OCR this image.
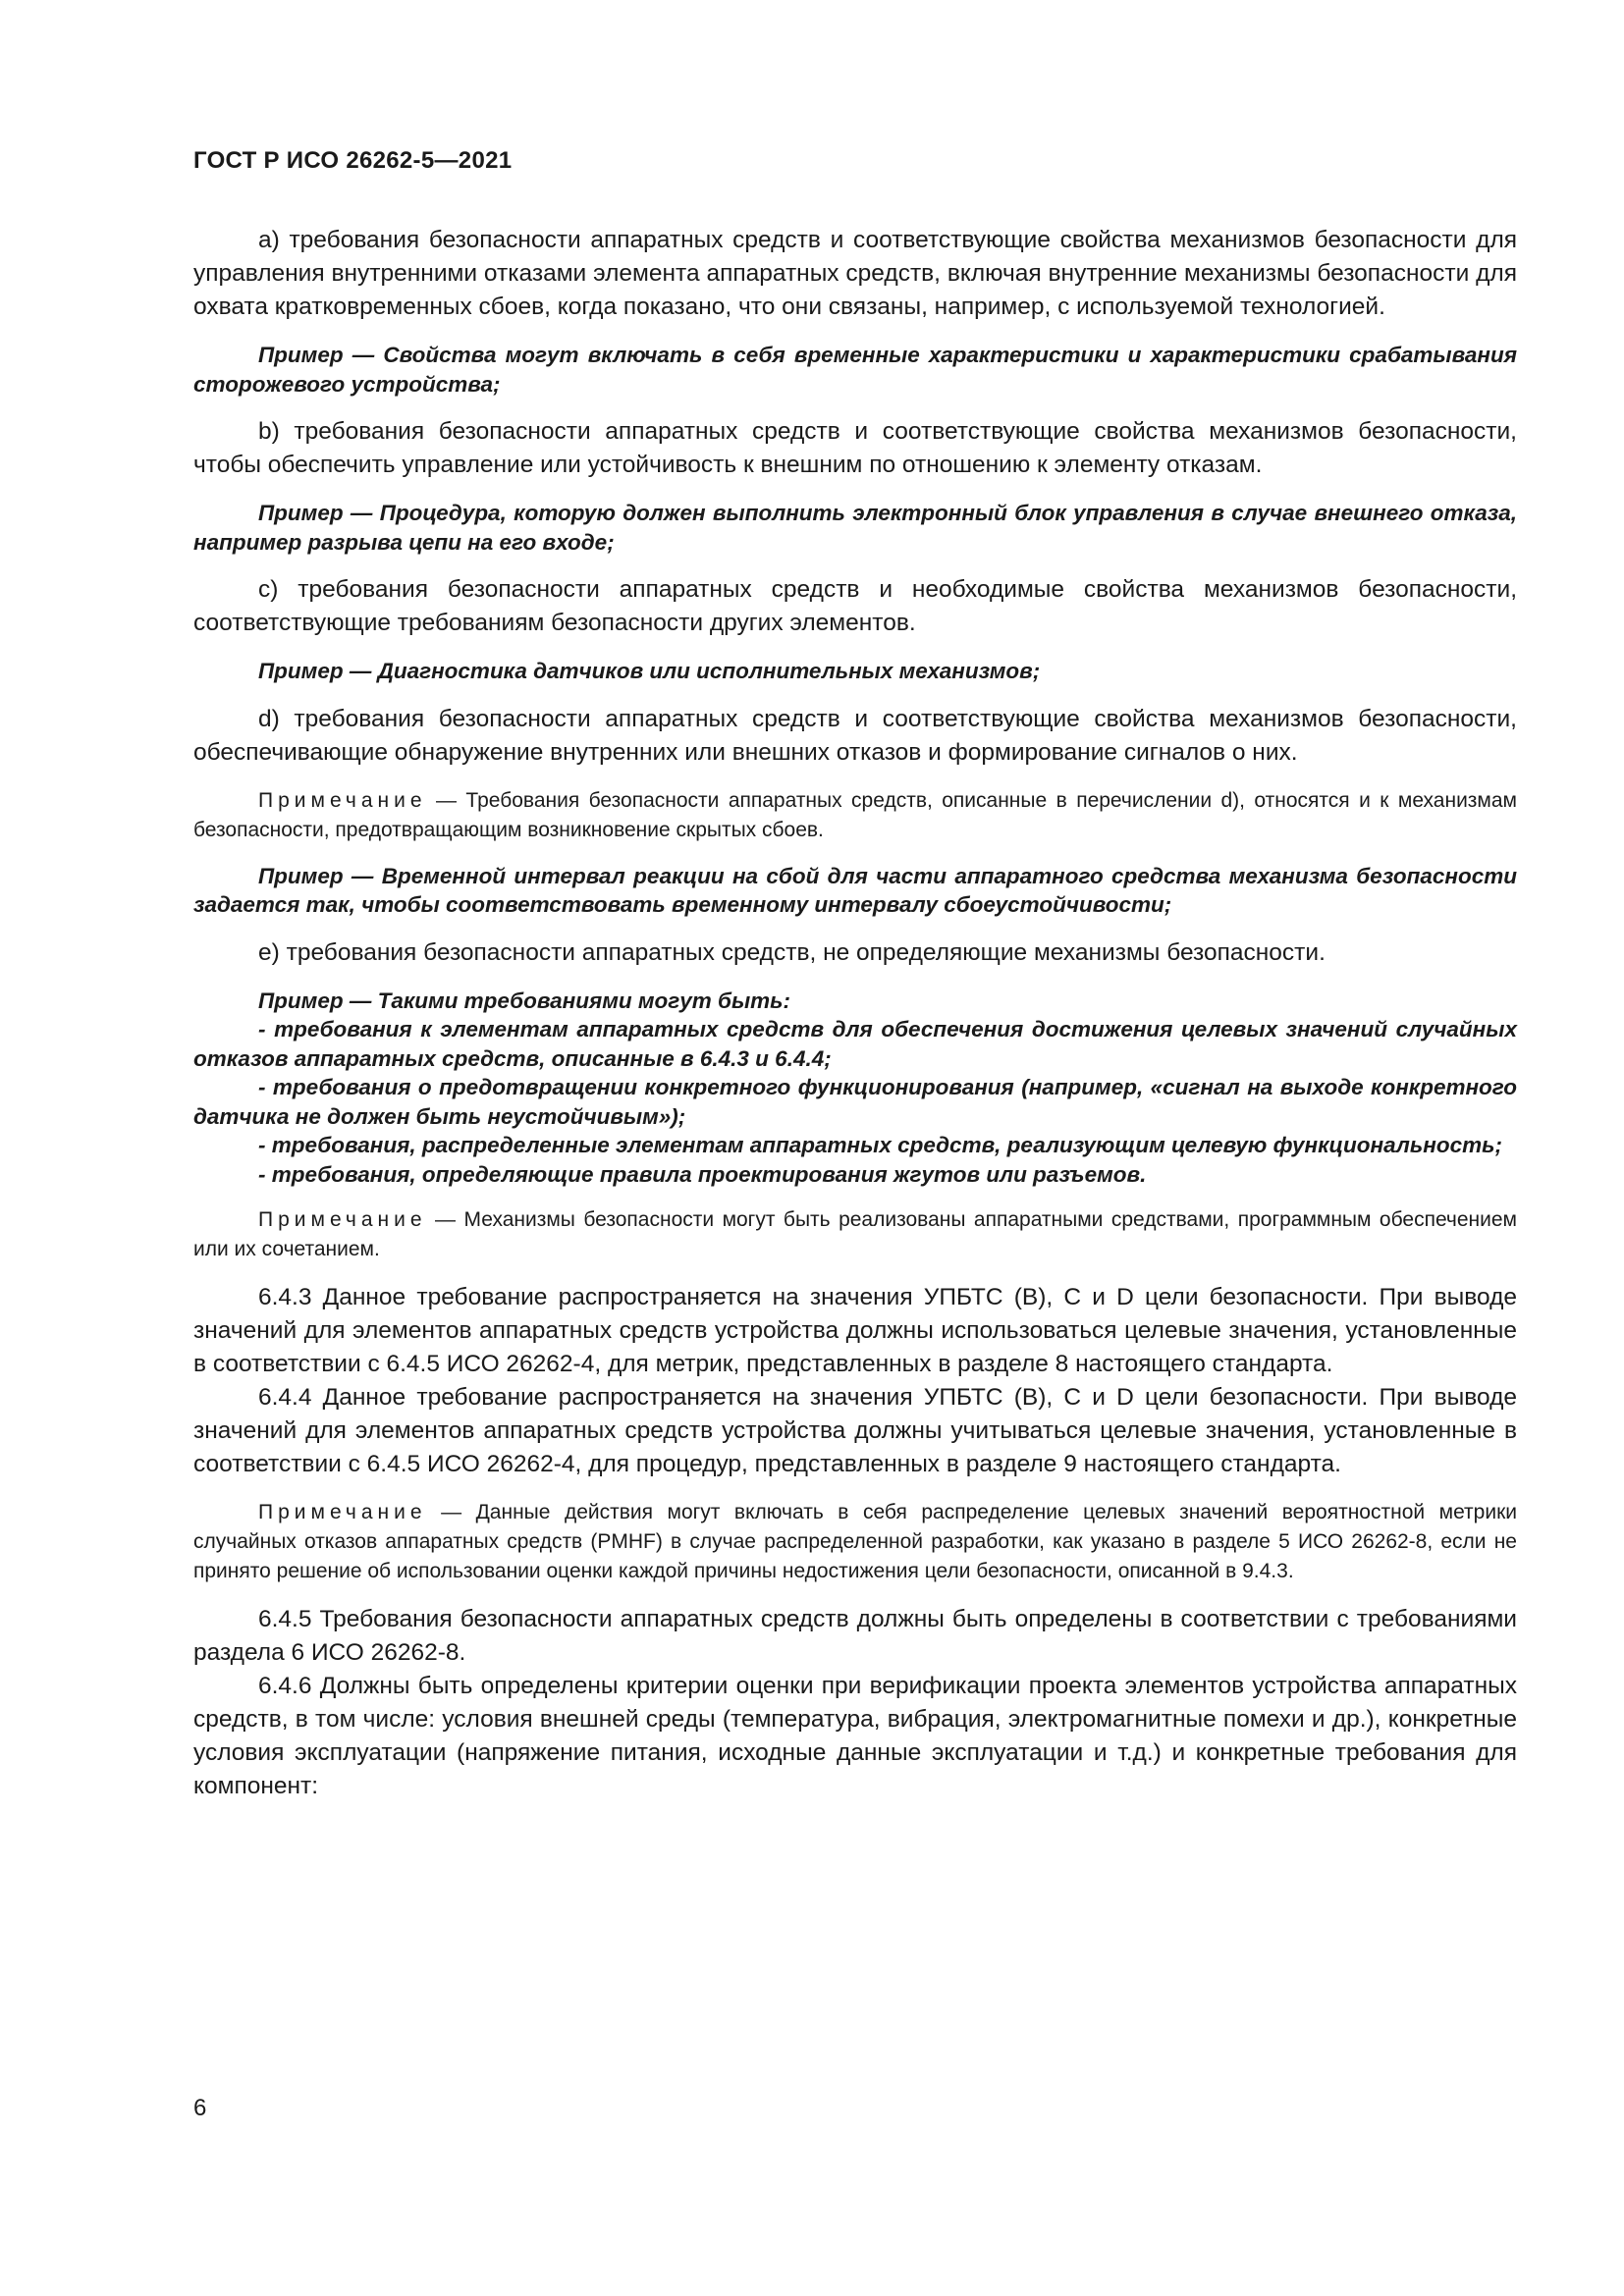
ГОСТ Р ИСО 26262-5—2021

a) требования безопасности аппаратных средств и соответствующие свойства механизмов безопасности для управления внутренними отказами элемента аппаратных средств, включая внутренние механизмы безопасности для охвата кратковременных сбоев, когда показано, что они связаны, например, с используемой технологией.

Пример — Свойства могут включать в себя временные характеристики и характеристики срабатывания сторожевого устройства;

b) требования безопасности аппаратных средств и соответствующие свойства механизмов безопасности, чтобы обеспечить управление или устойчивость к внешним по отношению к элементу отказам.

Пример — Процедура, которую должен выполнить электронный блок управления в случае внешнего отказа, например разрыва цепи на его входе;

c) требования безопасности аппаратных средств и необходимые свойства механизмов безопасности, соответствующие требованиям безопасности других элементов.

Пример — Диагностика датчиков или исполнительных механизмов;

d) требования безопасности аппаратных средств и соответствующие свойства механизмов безопасности, обеспечивающие обнаружение внутренних или внешних отказов и формирование сигналов о них.

Примечание — Требования безопасности аппаратных средств, описанные в перечислении d), относятся и к механизмам безопасности, предотвращающим возникновение скрытых сбоев.

Пример — Временной интервал реакции на сбой для части аппаратного средства механизма безопасности задается так, чтобы соответствовать временному интервалу сбоеустойчивости;

e) требования безопасности аппаратных средств, не определяющие механизмы безопасности.

Пример — Такими требованиями могут быть:
- требования к элементам аппаратных средств для обеспечения достижения целевых значений случайных отказов аппаратных средств, описанные в 6.4.3 и 6.4.4;
- требования о предотвращении конкретного функционирования (например, «сигнал на выходе конкретного датчика не должен быть неустойчивым»);
- требования, распределенные элементам аппаратных средств, реализующим целевую функциональность;
- требования, определяющие правила проектирования жгутов или разъемов.

Примечание — Механизмы безопасности могут быть реализованы аппаратными средствами, программным обеспечением или их сочетанием.

6.4.3 Данное требование распространяется на значения УПБТС (B), C и D цели безопасности. При выводе значений для элементов аппаратных средств устройства должны использоваться целевые значения, установленные в соответствии с 6.4.5 ИСО 26262-4, для метрик, представленных в разделе 8 настоящего стандарта.

6.4.4 Данное требование распространяется на значения УПБТС (B), C и D цели безопасности. При выводе значений для элементов аппаратных средств устройства должны учитываться целевые значения, установленные в соответствии с 6.4.5 ИСО 26262-4, для процедур, представленных в разделе 9 настоящего стандарта.

Примечание — Данные действия могут включать в себя распределение целевых значений вероятностной метрики случайных отказов аппаратных средств (PMHF) в случае распределенной разработки, как указано в разделе 5 ИСО 26262-8, если не принято решение об использовании оценки каждой причины недостижения цели безопасности, описанной в 9.4.3.

6.4.5 Требования безопасности аппаратных средств должны быть определены в соответствии с требованиями раздела 6 ИСО 26262-8.

6.4.6 Должны быть определены критерии оценки при верификации проекта элементов устройства аппаратных средств, в том числе: условия внешней среды (температура, вибрация, электромагнитные помехи и др.), конкретные условия эксплуатации (напряжение питания, исходные данные эксплуатации и т.д.) и конкретные требования для компонент:

6
